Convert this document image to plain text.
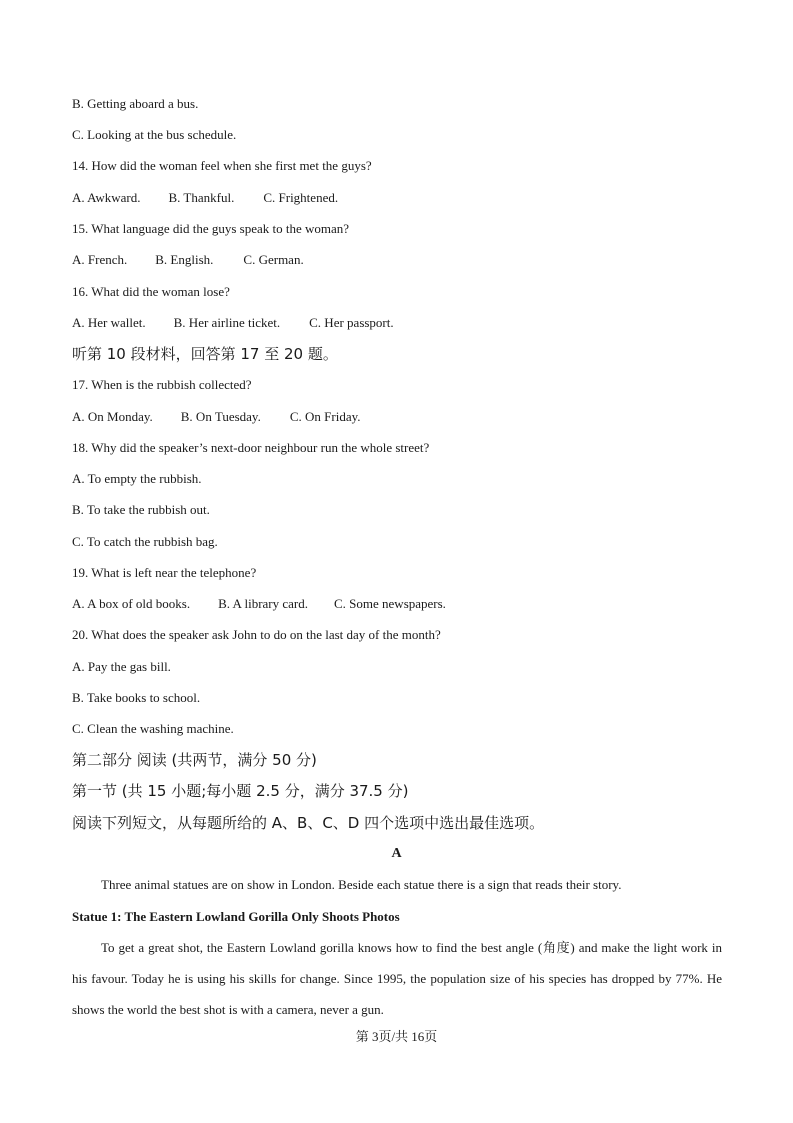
B. Getting aboard a bus.
C. Looking at the bus schedule.
14. How did the woman feel when she first met the guys?
A. Awkward. B. Thankful. C. Frightened.
15. What language did the guys speak to the woman?
A. French. B. English. C. German.
16. What did the woman lose?
A. Her wallet. B. Her airline ticket. C. Her passport.
听第 10 段材料，回答第 17 至 20 题。
17. When is the rubbish collected?
A. On Monday. B. On Tuesday. C. On Friday.
18. Why did the speaker’s next-door neighbour run the whole street?
A. To empty the rubbish.
B. To take the rubbish out.
C. To catch the rubbish bag.
19. What is left near the telephone?
A. A box of old books. B. A library card. C. Some newspapers.
20. What does the speaker ask John to do on the last day of the month?
A. Pay the gas bill.
B. Take books to school.
C. Clean the washing machine.
第二部分 阅读 (共两节，满分 50 分)
第一节 (共 15 小题;每小题 2.5 分，满分 37.5 分)
阅读下列短文，从每题所给的 A、B、C、D 四个选项中选出最佳选项。
A
Three animal statues are on show in London. Beside each statue there is a sign that reads their story.
Statue 1: The Eastern Lowland Gorilla Only Shoots Photos
To get a great shot, the Eastern Lowland gorilla knows how to find the best angle (角度) and make the light work in his favour. Today he is using his skills for change. Since 1995, the population size of his species has dropped by 77%. He shows the world the best shot is with a camera, never a gun.
第 3页/共 16页
